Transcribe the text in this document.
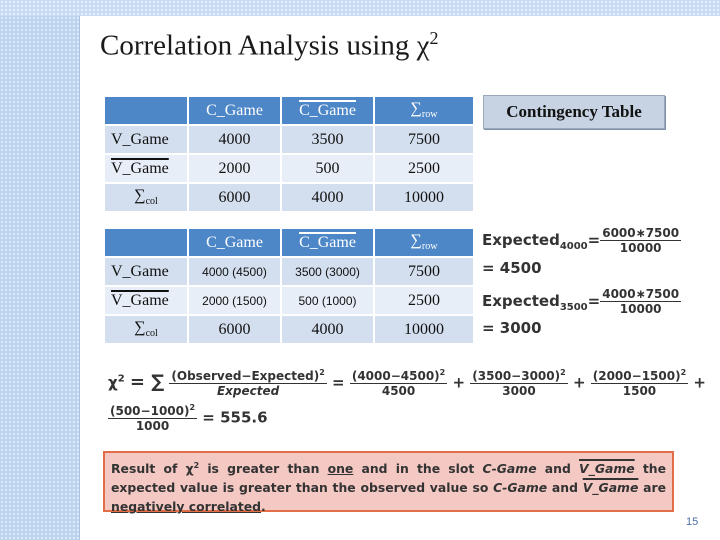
Correlation Analysis using $\chi^2$
Contingency Table
	C_Game	C_Game	$\sum_{row}$
V_Game	4000	3500	7500
V_Game	2000	500	2500
$\sum_{col}$	6000	4000	10000
	C_Game	C_Game	$\sum_{row}$
V_Game	4000 (4500)	3500 (3000)	7500
V_Game	2000 (1500)	500 (1000)	2500
$\sum_{col}$	6000	4000	10000
Expected$_{4000}$= $\frac{6000∗7500}{10000}$
= 4500
Expected$_{3500}$= $\frac{4000∗7500}{10000}$
= 3000
$\chi^2$ = ∑ $\frac{(Observed-Expected)^2}{\text{Expected}} = \frac{(4000-4500)^2}{4500} + \frac{(3500-3000)^2}{3000} + \frac{(2000-1500)^2}{1500}$ +
$\frac{(500-1000)^2}{1000} = 555.6$
Result of $\chi^2$ is greater than one and in the slot C-Game and V_Game the expected value is greater than the observed value so C-Game and V_Game are negatively correlated.
15
